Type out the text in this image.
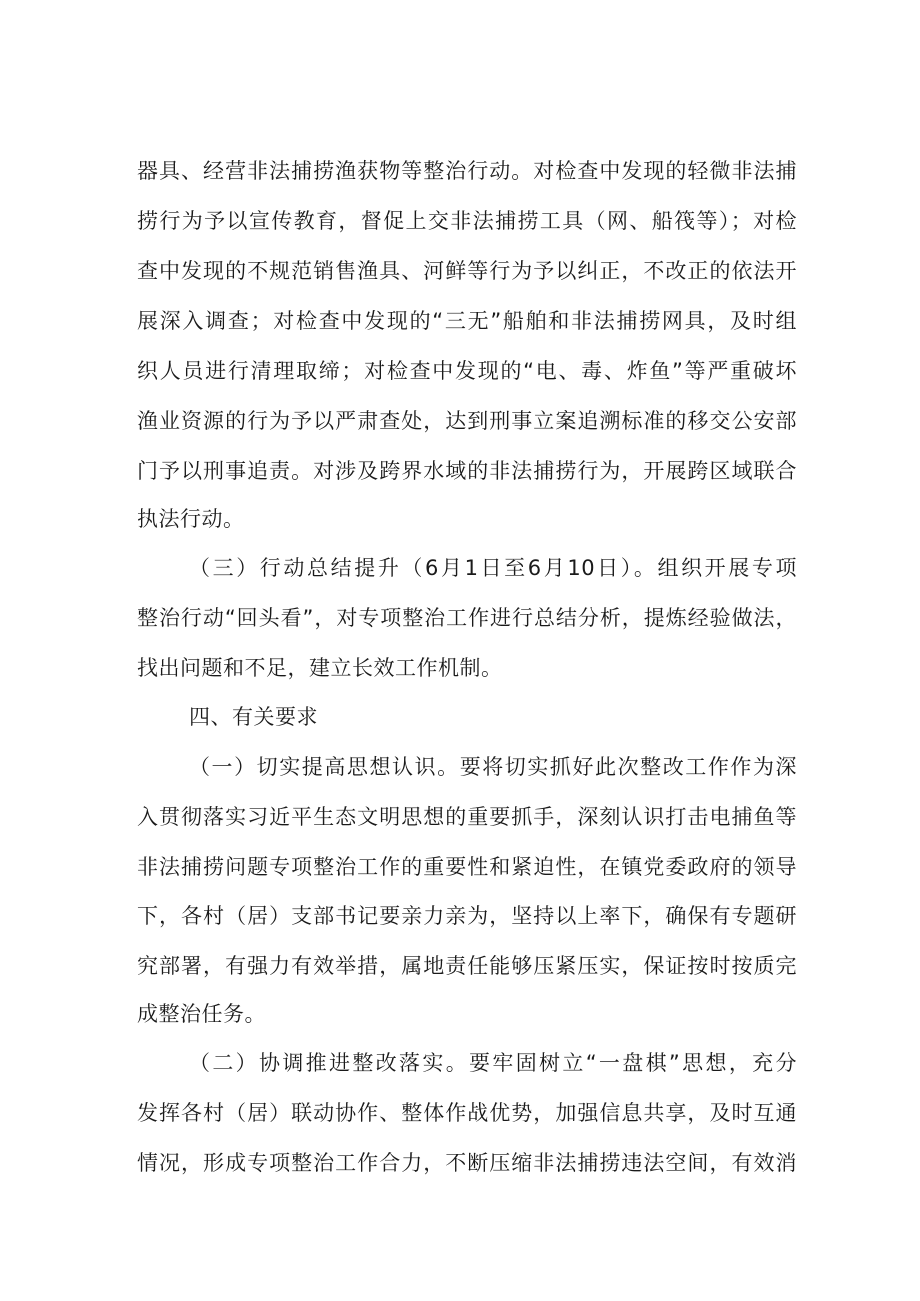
器具、经营非法捕捞渔获物等整治行动。对检查中发现的轻微非法捕
捞行为予以宣传教育，督促上交非法捕捞工具（网、船筏等）；对检
查中发现的不规范销售渔具、河鲜等行为予以纠正，不改正的依法开
展深入调查；对检查中发现的“三无”船舶和非法捕捞网具，及时组
织人员进行清理取缔；对检查中发现的“电、毒、炸鱼”等严重破坏
渔业资源的行为予以严肃查处，达到刑事立案追溯标准的移交公安部
门予以刑事追责。对涉及跨界水域的非法捕捞行为，开展跨区域联合
执法行动。
（三）行动总结提升（6月1日至6月10日）。组织开展专项
整治行动“回头看”，对专项整治工作进行总结分析，提炼经验做法，
找出问题和不足，建立长效工作机制。
四、有关要求
（一）切实提高思想认识。要将切实抓好此次整改工作作为深
入贯彻落实习近平生态文明思想的重要抓手，深刻认识打击电捕鱼等
非法捕捞问题专项整治工作的重要性和紧迫性，在镇党委政府的领导
下，各村（居）支部书记要亲力亲为，坚持以上率下，确保有专题研
究部署，有强力有效举措，属地责任能够压紧压实，保证按时按质完
成整治任务。
（二）协调推进整改落实。要牢固树立“一盘棋”思想，充分
发挥各村（居）联动协作、整体作战优势，加强信息共享，及时互通
情况，形成专项整治工作合力，不断压缩非法捕捞违法空间，有效消
